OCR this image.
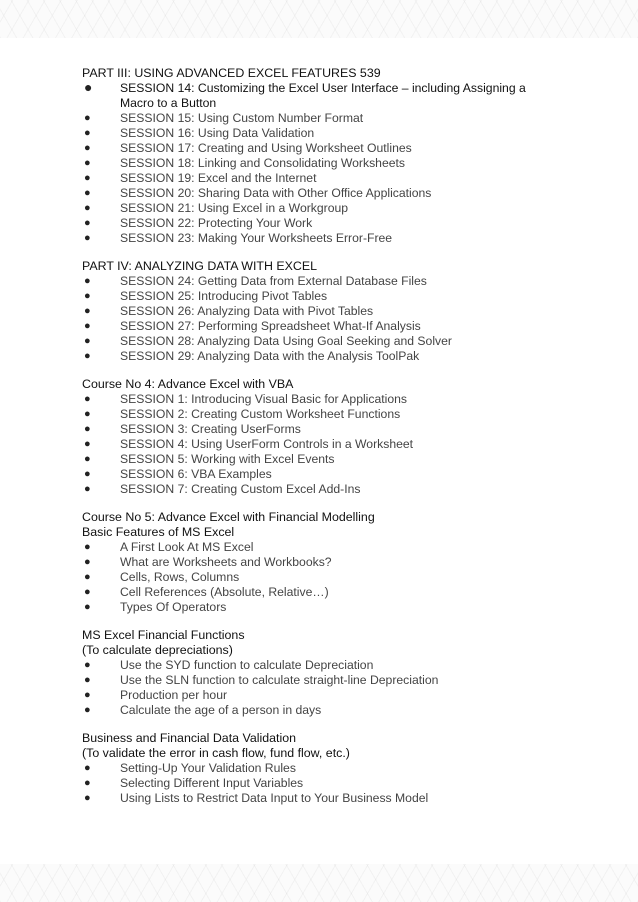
PART III: USING ADVANCED EXCEL FEATURES 539
● SESSION 14: Customizing the Excel User Interface – including Assigning a Macro to a Button
● SESSION 15: Using Custom Number Format
● SESSION 16: Using Data Validation
● SESSION 17: Creating and Using Worksheet Outlines
● SESSION 18: Linking and Consolidating Worksheets
● SESSION 19: Excel and the Internet
● SESSION 20: Sharing Data with Other Office Applications
● SESSION 21: Using Excel in a Workgroup
● SESSION 22: Protecting Your Work
● SESSION 23: Making Your Worksheets Error-Free
PART IV: ANALYZING DATA WITH EXCEL
● SESSION 24: Getting Data from External Database Files
● SESSION 25: Introducing Pivot Tables
● SESSION 26: Analyzing Data with Pivot Tables
● SESSION 27: Performing Spreadsheet What-If Analysis
● SESSION 28: Analyzing Data Using Goal Seeking and Solver
● SESSION 29: Analyzing Data with the Analysis ToolPak
Course No 4: Advance Excel with VBA
● SESSION 1: Introducing Visual Basic for Applications
● SESSION 2: Creating Custom Worksheet Functions
● SESSION 3: Creating UserForms
● SESSION 4: Using UserForm Controls in a Worksheet
● SESSION 5: Working with Excel Events
● SESSION 6: VBA Examples
● SESSION 7: Creating Custom Excel Add-Ins
Course No 5: Advance Excel with Financial Modelling
Basic Features of MS Excel
● A First Look At MS Excel
● What are Worksheets and Workbooks?
● Cells, Rows, Columns
● Cell References (Absolute, Relative…)
● Types Of Operators
MS Excel Financial Functions
(To calculate depreciations)
● Use the SYD function to calculate Depreciation
● Use the SLN function to calculate straight-line Depreciation
● Production per hour
● Calculate the age of a person in days
Business and Financial Data Validation
(To validate the error in cash flow, fund flow, etc.)
● Setting-Up Your Validation Rules
● Selecting Different Input Variables
● Using Lists to Restrict Data Input to Your Business Model
